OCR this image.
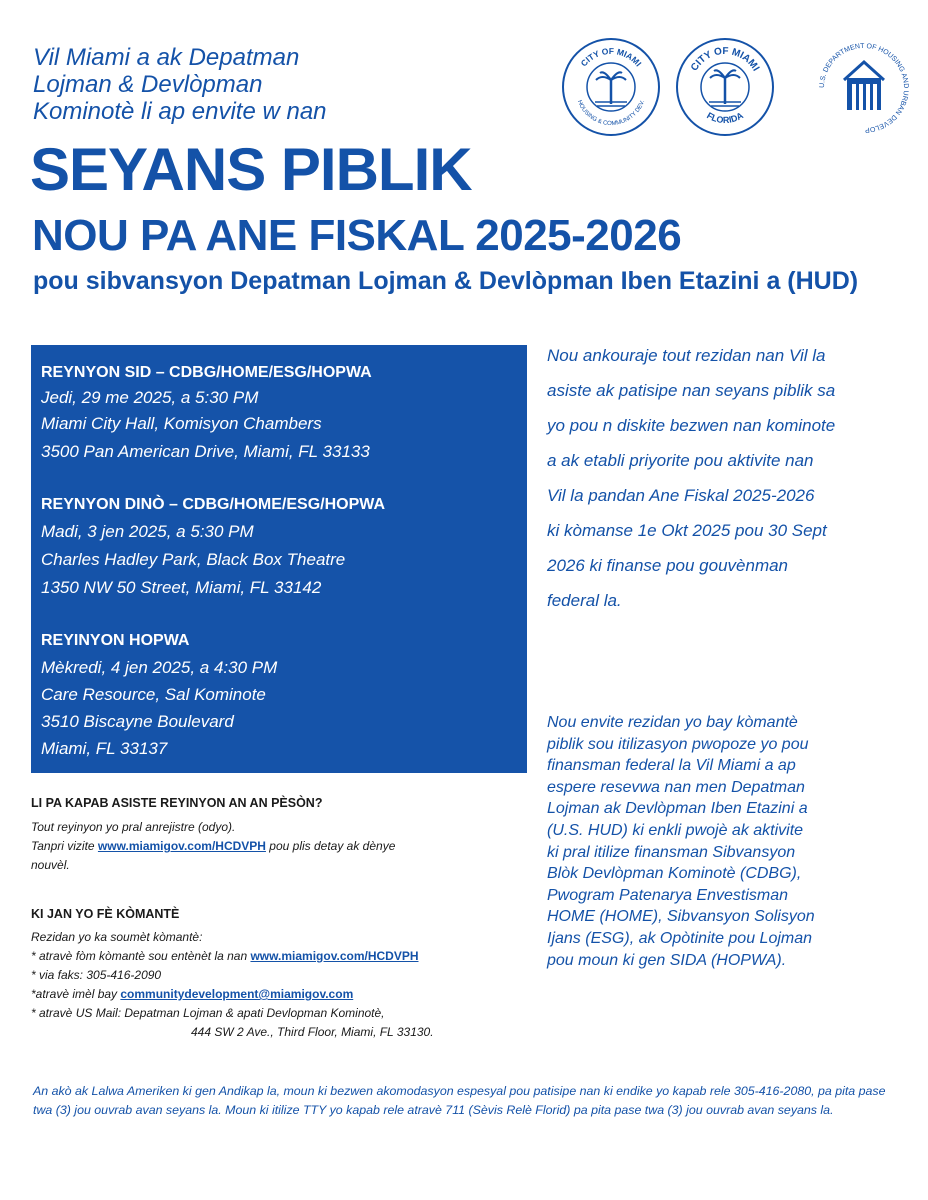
Vil Miami a ak Depatman
Lojman & Devlòpman
Kominotè li ap envite w nan
SEYANS PIBLIK
NOU PA ANE FISKAL 2025-2026
pou sibvansyon Depatman Lojman & Devlòpman Iben Etazini a (HUD)
CITY OF MIAMI
HOUSING & COMMUNITY DEV.
CITY OF MIAMI
FLORIDA
U.S. DEPARTMENT OF HOUSING AND URBAN DEVELOP
REYNYON SID – CDBG/HOME/ESG/HOPWA
Jedi, 29 me 2025, a 5:30 PM
Miami City Hall, Komisyon Chambers
3500 Pan American Drive, Miami, FL 33133
REYNYON DINÒ – CDBG/HOME/ESG/HOPWA
Madi, 3 jen 2025, a 5:30 PM
Charles Hadley Park, Black Box Theatre
1350 NW 50 Street, Miami, FL 33142
REYINYON HOPWA
Mèkredi, 4 jen 2025, a 4:30 PM
Care Resource, Sal Kominote
3510 Biscayne Boulevard
Miami, FL 33137
Nou ankouraje tout rezidan nan Vil la
asiste ak patisipe nan seyans piblik sa
yo pou n diskite bezwen nan kominote
a ak etabli priyorite pou aktivite nan
Vil la pandan Ane Fiskal 2025-2026
ki kòmanse 1e Okt 2025 pou 30 Sept
2026 ki finanse pou gouvènman
federal la.
Nou envite rezidan yo bay kòmantè
piblik sou itilizasyon pwopoze yo pou
finansman federal la Vil Miami a ap
espere resevwa nan men Depatman
Lojman ak Devlòpman Iben Etazini a
(U.S. HUD) ki enkli pwojè ak aktivite
ki pral itilize finansman Sibvansyon
Blòk Devlòpman Kominotè (CDBG),
Pwogram Patenarya Envestisman
HOME (HOME), Sibvansyon Solisyon
Ijans (ESG), ak Opòtinite pou Lojman
pou moun ki gen SIDA (HOPWA).
LI PA KAPAB ASISTE REYINYON AN AN PÈSÒN?
Tout reyinyon yo pral anrejistre (odyo).
Tanpri vizite www.miamigov.com/HCDVPH pou plis detay ak dènye
nouvèl.
KI JAN YO FÈ KÒMANTÈ
Rezidan yo ka soumèt kòmantè:
* atravè fòm kòmantè sou entènèt la nan www.miamigov.com/HCDVPH
* via faks: 305-416-2090
*atravè imèl bay communitydevelopment@miamigov.com
* atravè US Mail: Depatman Lojman & apati Devlopman Kominotè,
444 SW 2 Ave., Third Floor, Miami, FL 33130.
An akò ak Lalwa Ameriken ki gen Andikap la, moun ki bezwen akomodasyon espesyal pou patisipe nan ki endike yo kapab rele 305-416-2080, pa pita pase twa (3) jou ouvrab avan seyans la. Moun ki itilize TTY yo kapab rele atravè 711 (Sèvis Relè Florid) pa pita pase twa (3) jou ouvrab avan seyans la.
